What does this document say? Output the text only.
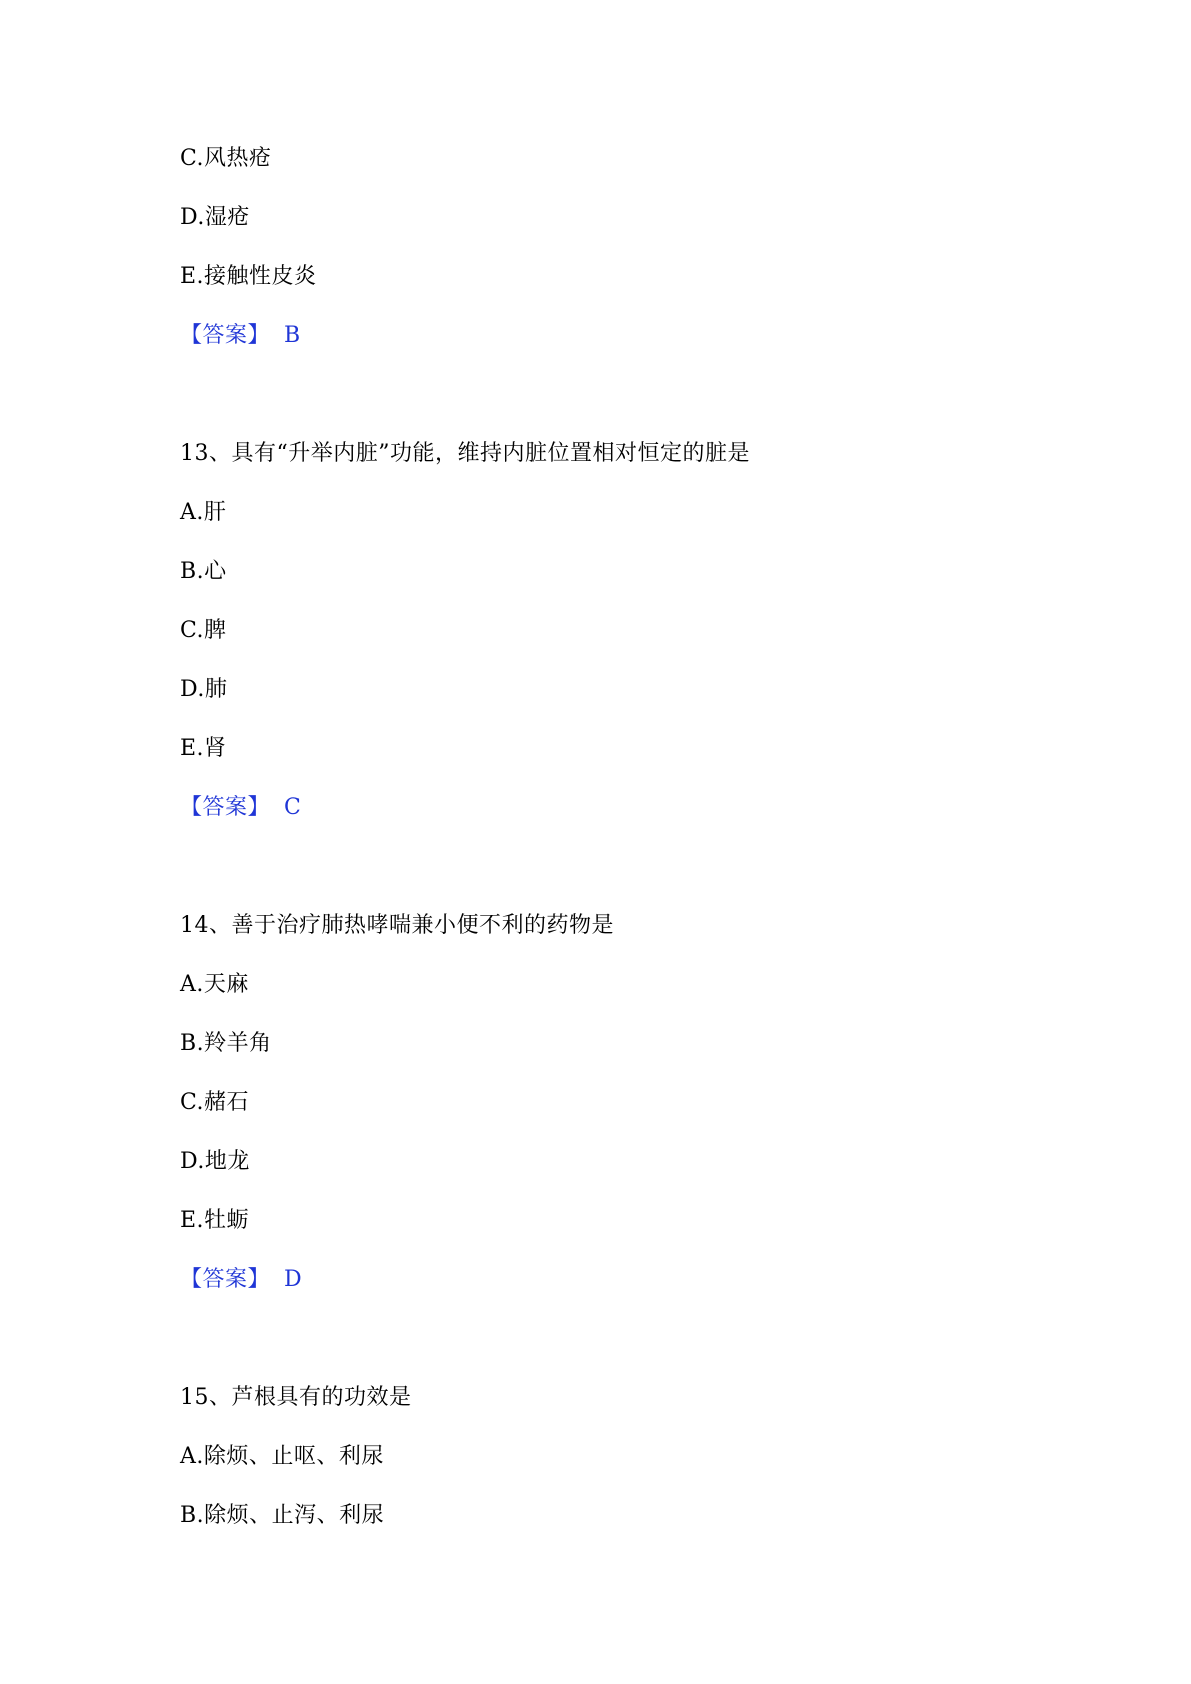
C.风热疮
D.湿疮
E.接触性皮炎
【答案】 B
13、具有“升举内脏”功能，维持内脏位置相对恒定的脏是
A.肝
B.心
C.脾
D.肺
E.肾
【答案】 C
14、善于治疗肺热哮喘兼小便不利的药物是
A.天麻
B.羚羊角
C.赭石
D.地龙
E.牡蛎
【答案】 D
15、芦根具有的功效是
A.除烦、止呕、利尿
B.除烦、止泻、利尿
